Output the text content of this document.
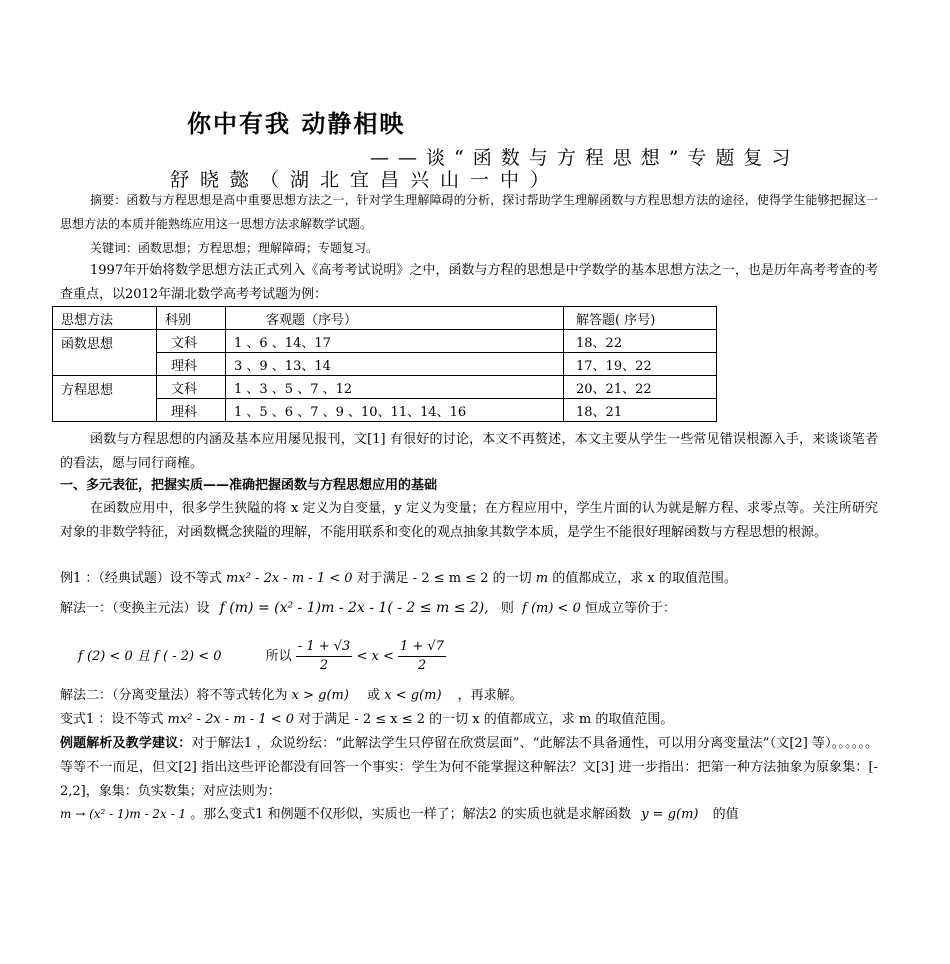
你中有我 动静相映
——谈“函数与方程思想”专题复习
舒晓懿（湖北宜昌兴山一中）
摘要：函数与方程思想是高中重要思想方法之一，针对学生理解障碍的分析，探讨帮助学生理解函数与方程思想方法的途径，使得学生能够把握这一思想方法的本质并能熟练应用这一思想方法求解数学试题。
关键词：函数思想；方程思想；理解障碍；专题复习。
1997年开始将数学思想方法正式列入《高考考试说明》之中，函数与方程的思想是中学数学的基本思想方法之一，也是历年高考考查的考查重点，以2012年湖北数学高考考试题为例：
思想方法	科别	客观题（序号）	解答题( 序号)
函数思想	文科	1 、6 、14、17	18、22
	理科	3 、9 、13、14	17、19、22
方程思想	文科	1 、3 、5 、7 、12	20、21、22
	理科	1 、5 、6 、7 、9 、10、11、14、16	18、21
函数与方程思想的内涵及基本应用屡见报刊，文[1] 有很好的讨论，本文不再赘述，本文主要从学生一些常见错误根源入手，来谈谈笔者的看法，愿与同行商榷。
一、多元表征，把握实质——准确把握函数与方程思想应用的基础
在函数应用中，很多学生狭隘的将 x 定义为自变量，y 定义为变量；在方程应用中，学生片面的认为就是解方程、求零点等。关注所研究对象的非数学特征，对函数概念狭隘的理解，不能用联系和变化的观点抽象其数学本质，是学生不能很好理解函数与方程思想的根源。
例1 ：（经典试题）设不等式 mx² - 2x - m - 1 < 0 对于满足 - 2 ≤ m ≤ 2 的一切 m 的值都成立，求 x 的取值范围。
解法一：（变换主元法）设 f (m) = (x² - 1)m - 2x - 1( - 2 ≤ m ≤ 2), 则 f (m) < 0 恒成立等价于：
f (2) < 0 且 f ( - 2) < 0	所以 $\frac{- 1 + √3}{2} < x < \frac{1 + √7}{2}$
解法二：（分离变量法）将不等式转化为 x > g(m) 或 x < g(m) ，再求解。
变式1 ：设不等式 mx² - 2x - m - 1 < 0 对于满足 - 2 ≤ x ≤ 2 的一切 x 的值都成立，求 m 的取值范围。
例题解析及教学建议：对于解法1 ，众说纷纭：“此解法学生只停留在欣赏层面”、“此解法不具备通性，可以用分离变量法”（文[2] 等）。。。。。。等等不一而足，但文[2] 指出这些评论都没有回答一个事实：学生为何不能掌握这种解法？文[3] 进一步指出：把第一种方法抽象为原象集：[- 2,2]，象集：负实数集；对应法则为：
m → (x² - 1)m - 2x - 1 。那么变式1 和例题不仅形似，实质也一样了；解法2 的实质也就是求解函数 y = g(m) 的值
